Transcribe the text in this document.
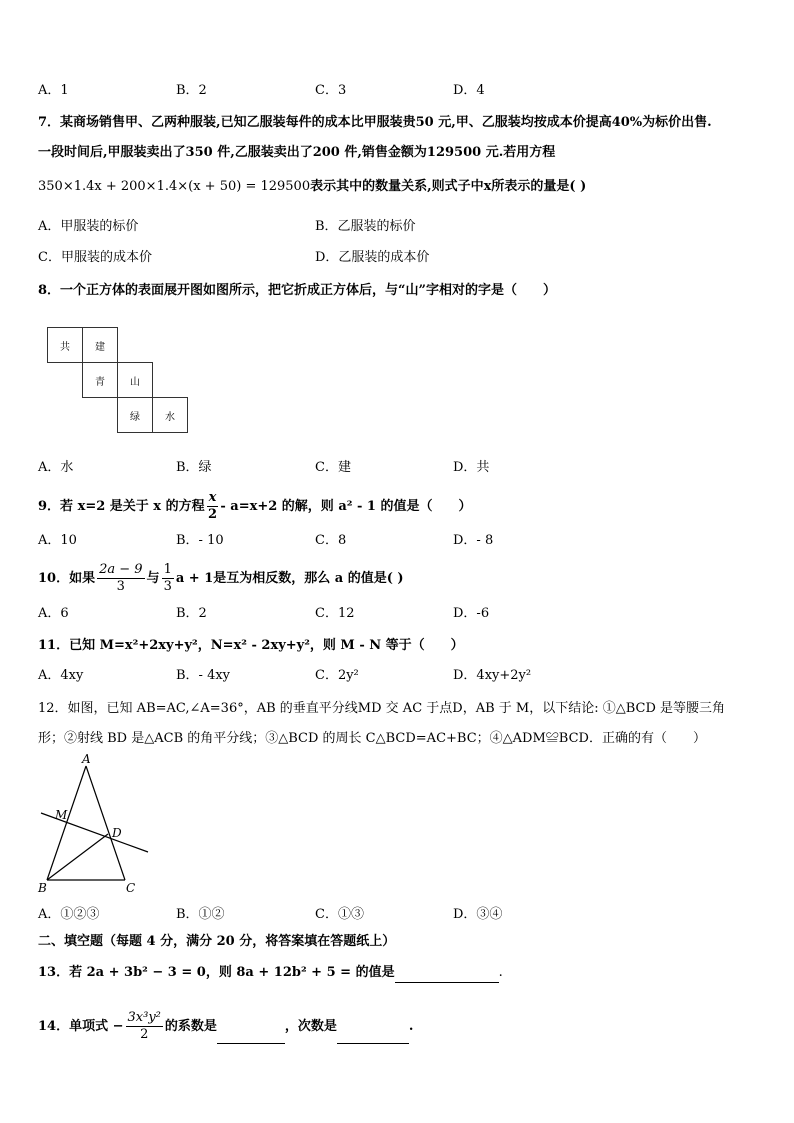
A．1	B．2	C．3	D．4
7．某商场销售甲、乙两种服装,已知乙服装每件的成本比甲服装贵50 元,甲、乙服装均按成本价提高40%为标价出售.
一段时间后,甲服装卖出了350 件,乙服装卖出了200 件,销售金额为129500 元.若用方程
350×1.4x + 200×1.4×(x + 50) = 129500表示其中的数量关系,则式子中x所表示的量是( )
A．甲服装的标价	B．乙服装的标价
C．甲服装的成本价	D．乙服装的成本价
8．一个正方体的表面展开图如图所示，把它折成正方体后，与“山”字相对的字是（　　）
共	建
青	山
绿	水
A．水	B．绿	C．建	D．共
9．若 x=2 是关于 x 的方程 $\frac{x}{2} - a=x+2$ 的解，则 a² - 1 的值是（　　）
A．10	B．- 10	C．8	D．- 8
10．如果 $\frac{2a - 9}{3}$ 与 $\frac{1}{3}$ a + 1是互为相反数，那么 a 的值是( )
A．6	B．2	C．12	D．-6
11．已知 M=x²+2xy+y²，N=x² - 2xy+y²，则 M - N 等于（　　）
A．4xy	B．- 4xy	C．2y²	D．4xy+2y²
12．如图，已知 AB=AC,∠A=36°，AB 的垂直平分线MD 交 AC 于点D，AB 于 M，以下结论: ①△BCD 是等腰三角
形；②射线 BD 是△ACB 的角平分线；③△BCD 的周长 C△BCD=AC+BC；④△ADM≌BCD．正确的有（　　）
A
M
D
B	C
A．①②③	B．①②	C．①③	D．③④
二、填空题（每题 4 分，满分 20 分，将答案填在答题纸上）
13．若 2a + 3b² − 3 = 0，则 8a + 12b² + 5 = 的值是	.
14．单项式 − $\frac{\text{3x³y²}}{2}$ 的系数是	，次数是	.
